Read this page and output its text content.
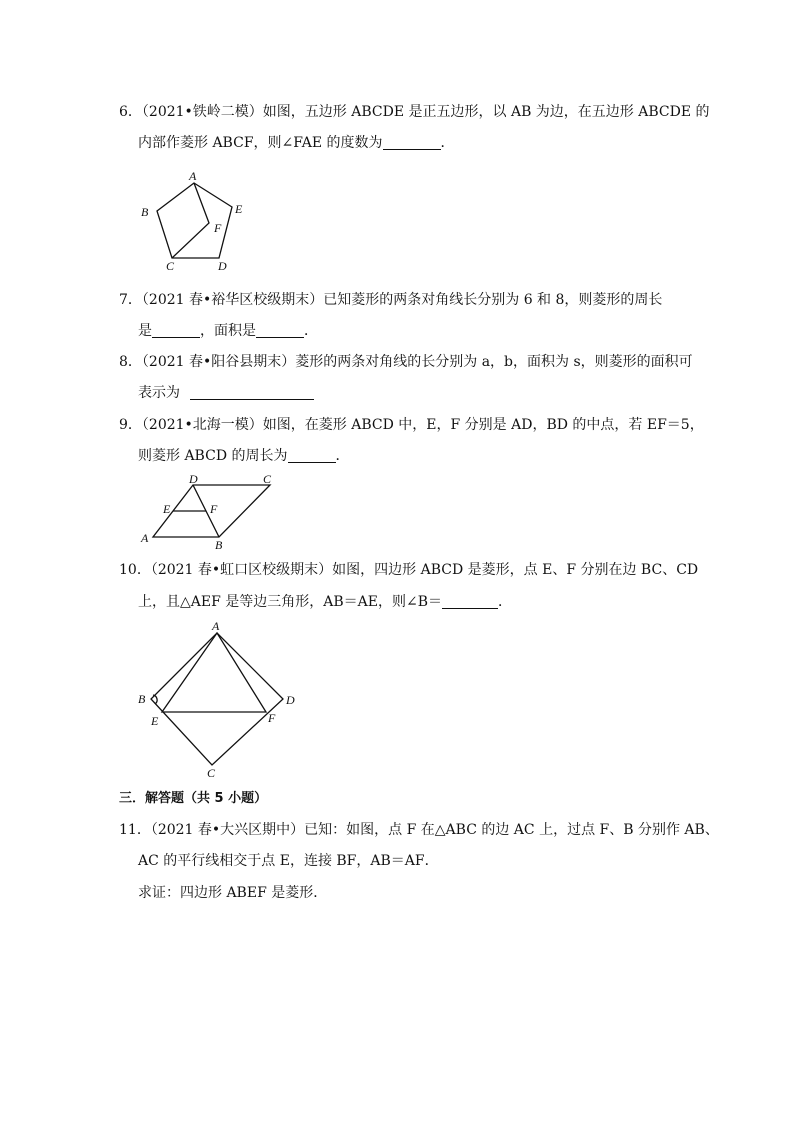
6．（2021•铁岭二模）如图，五边形 ABCDE 是正五边形，以 AB 为边，在五边形 ABCDE 的
内部作菱形 ABCF，则∠FAE 的度数为	．
A
B
C	D
E
F
7．（2021 春•裕华区校级期末）已知菱形的两条对角线长分别为 6 和 8，则菱形的周长
是	，面积是	．
8．（2021 春•阳谷县期末）菱形的两条对角线的长分别为 a，b，面积为 s，则菱形的面积可
表示为
9．（2021•北海一模）如图，在菱形 ABCD 中，E，F 分别是 AD，BD 的中点，若 EF＝5，
则菱形 ABCD 的周长为	．
A	B
C
D
E	F
10．（2021 春•虹口区校级期末）如图，四边形 ABCD 是菱形，点 E、F 分别在边 BC、CD
上，且△AEF 是等边三角形，AB＝AE，则∠B＝	．
A
B
C
D
E	F
三．解答题（共 5 小题）
11．（2021 春•大兴区期中）已知：如图，点 F 在△ABC 的边 AC 上，过点 F、B 分别作 AB、
AC 的平行线相交于点 E，连接 BF，AB＝AF．
求证：四边形 ABEF 是菱形．
